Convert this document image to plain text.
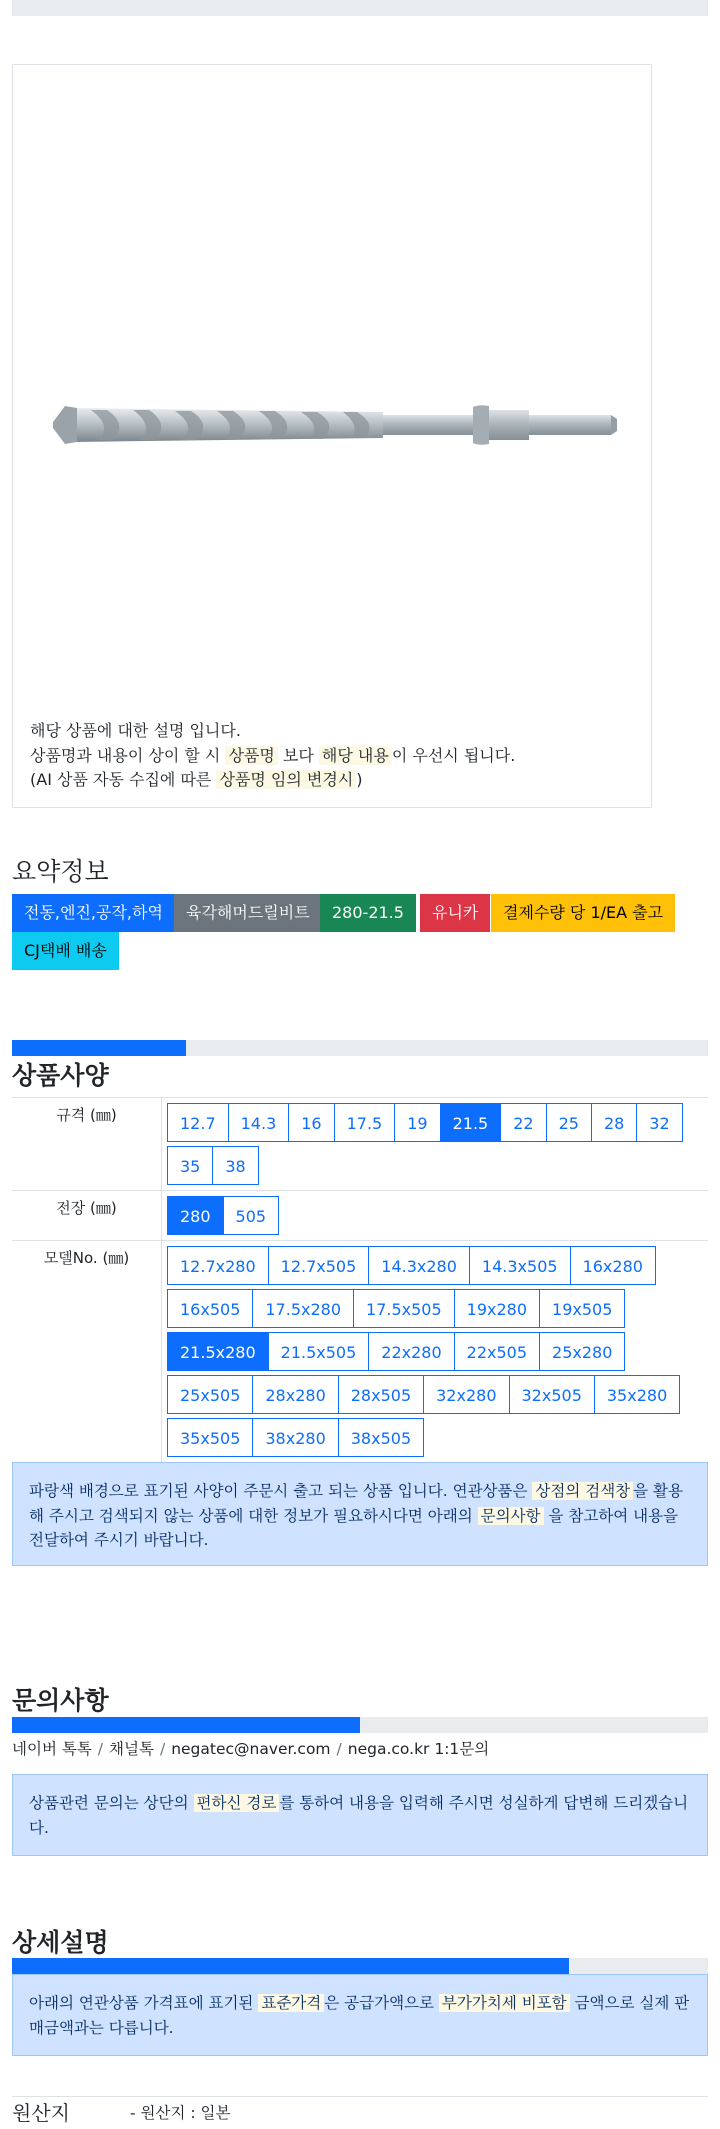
해당 상품에 대한 설명 입니다.
상품명과 내용이 상이 할 시 상품명 보다 해당 내용 이 우선시 됩니다.
(AI 상품 자동 수집에 따른 상품명 임의 변경시 )
요약정보
전동,엔진,공작,하역	육각해머드릴비트	280-21.5	유니카	결제수량 당 1/EA 출고
CJ택배 배송
상품사양
규격 (㎜)	12.7	14.3	16	17.5	19	21.5	22	25	28	32
35	38
전장 (㎜)	280	505
모델No. (㎜)	12.7x280	12.7x505	14.3x280	14.3x505	16x280
16x505	17.5x280	17.5x505	19x280	19x505
21.5x280	21.5x505	22x280	22x505	25x280
25x505	28x280	28x505	32x280	32x505	35x280
35x505	38x280	38x505
파랑색 배경으로 표기된 사양이 주문시 출고 되는 상품 입니다. 연관상품은 상점의 검색창 을 활용해 주시고 검색되지 않는 상품에 대한 정보가 필요하시다면 아래의 문의사항 을 참고하여 내용을 전달하여 주시기 바랍니다.
문의사항
네이버 톡톡 / 채널톡 / negatec@naver.com / nega.co.kr 1:1문의
상품관련 문의는 상단의 편하신 경로 를 통하여 내용을 입력해 주시면 성실하게 답변해 드리겠습니다.
상세설명
아래의 연관상품 가격표에 표기된 표준가격 은 공급가액으로 부가가치세 비포함 금액으로 실제 판매금액과는 다릅니다.
원산지	- 원산지 : 일본
